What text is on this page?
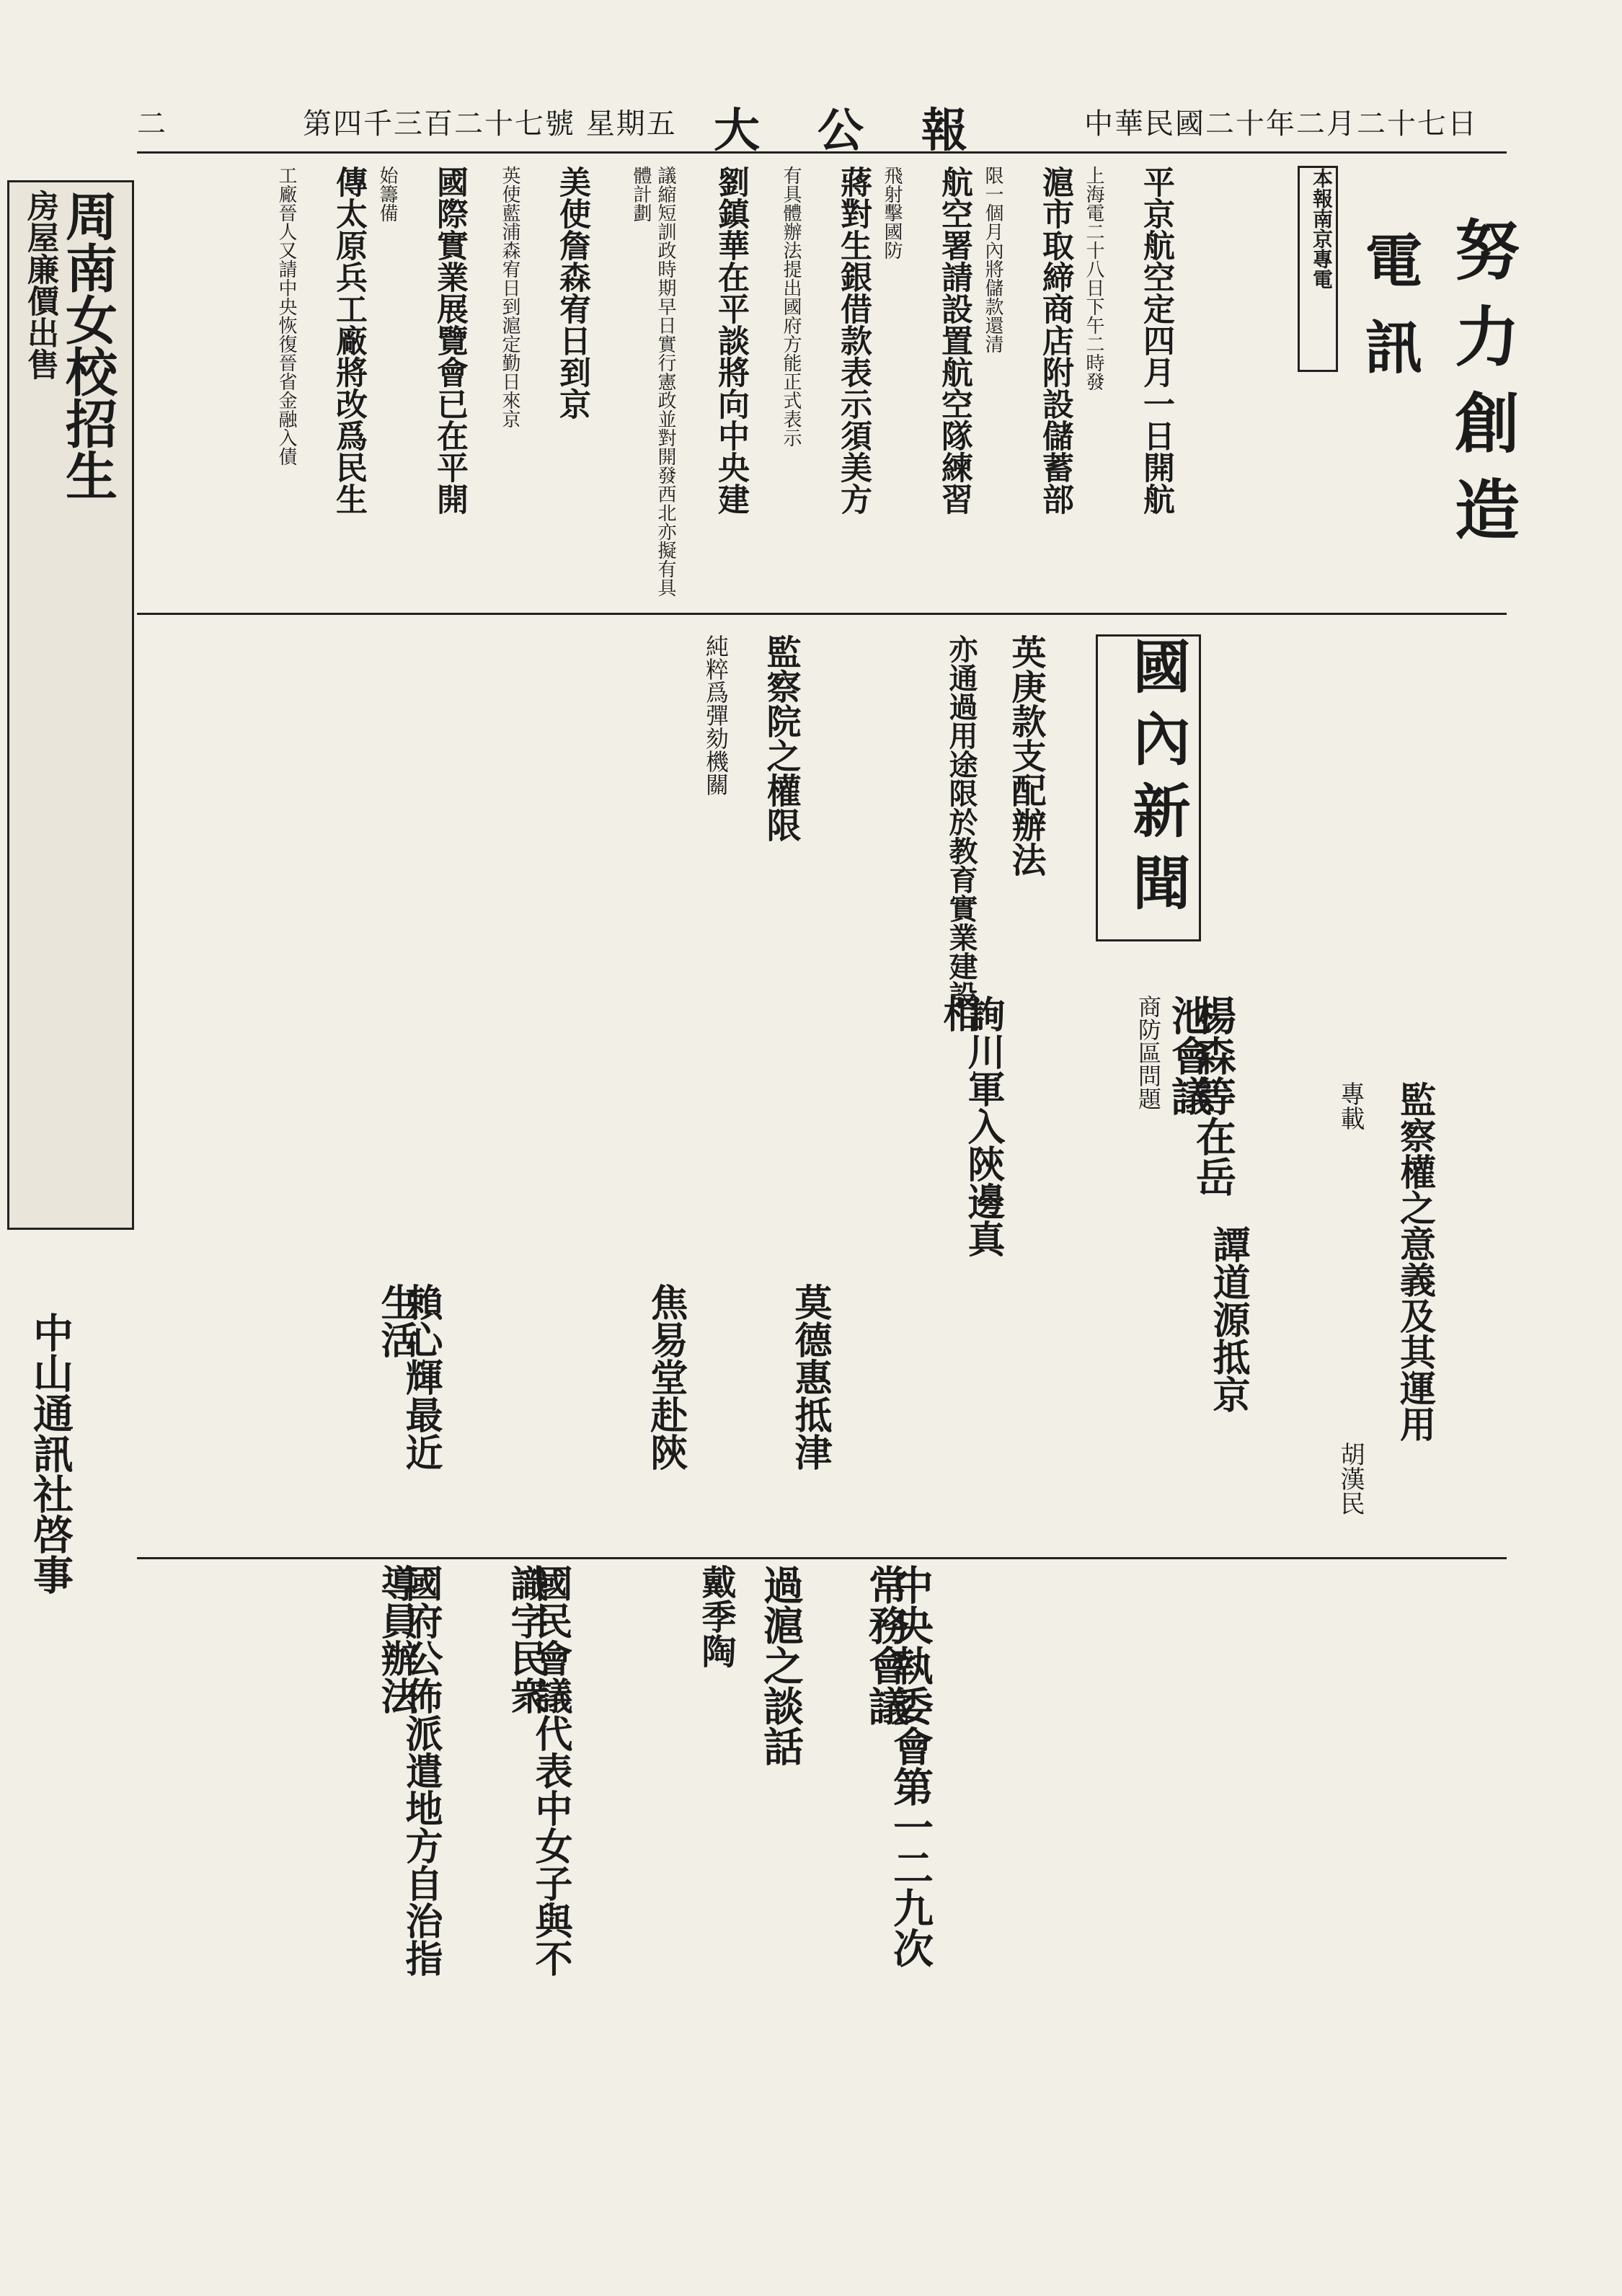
中華民國二十年二月二十七日
大公報
第四千三百二十七號 星期五
二
周南女校招生
房屋廉價出售
中山通訊社啓事
努力創造
電訊
本報南京專電
平京航空定四月一日開航
上海電二十八日下午二時發
滬市取締商店附設儲蓄部
限一個月內將儲款還清
航空署請設置航空隊練習
飛射擊國防
蔣對生銀借款表示須美方
有具體辦法提出國府方能正式表示
劉鎮華在平談將向中央建
議縮短訓政時期早日實行憲政並對開發西北亦擬有具體計劃
美使詹森宥日到京
英使藍浦森宥日到滬定勤日來京
國際實業展覽會已在平開
始籌備
傳太原兵工廠將改爲民生
工廠晉人又請中央恢復晉省金融入債
國內新聞
英庚款支配辦法
亦通過用途限於教育實業建設
監察院之權限
純粹爲彈劾機關
監察權之意義及其運用
專載
胡漢民
楊森等在岳池會議
商防區問題
詢川軍入陝邊真相
譚道源抵京
莫德惠抵津
焦易堂赴陝
賴心輝最近生活
中央執委會第一二九次常務會議
國民會議代表中女子與不識字民衆
國府公佈派遣地方自治指導員辦法	過滬之談話
戴季陶
